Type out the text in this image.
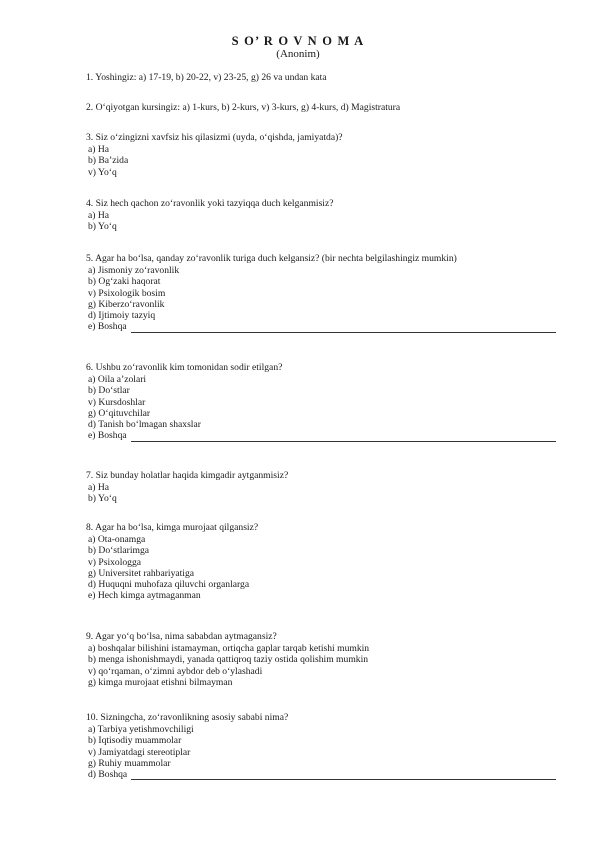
S O’ R O V N O M A
(Anonim)
1. Yoshingiz: a) 17-19, b) 20-22, v) 23-25, g) 26 va undan kata
2. O‘qiyotgan kursingiz: a) 1-kurs, b) 2-kurs, v) 3-kurs, g) 4-kurs, d) Magistratura
3. Siz o‘zingizni xavfsiz his qilasizmi (uyda, o‘qishda, jamiyatda)?
a) Ha
b) Ba’zida
v) Yo‘q
4. Siz hech qachon zo‘ravonlik yoki tazyiqqa duch kelganmisiz?
a) Ha
b) Yo‘q
5. Agar ha bo‘lsa, qanday zo‘ravonlik turiga duch kelgansiz? (bir nechta belgilashingiz mumkin)
a) Jismoniy zo‘ravonlik
b) Og‘zaki haqorat
v) Psixologik bosim
g) Kiberzo‘ravonlik
d) Ijtimoiy tazyiq
e) Boshqa
6. Ushbu zo‘ravonlik kim tomonidan sodir etilgan?
a) Oila a’zolari
b) Do‘stlar
v) Kursdoshlar
g) O‘qituvchilar
d) Tanish bo‘lmagan shaxslar
e) Boshqa
7. Siz bunday holatlar haqida kimgadir aytganmisiz?
a) Ha
b) Yo‘q
8. Agar ha bo‘lsa, kimga murojaat qilgansiz?
a) Ota-onamga
b) Do‘stlarimga
v) Psixologga
g) Universitet rahbariyatiga
d) Huquqni muhofaza qiluvchi organlarga
e) Hech kimga aytmaganman
9. Agar yo‘q bo‘lsa, nima sababdan aytmagansiz?
a) boshqalar bilishini istamayman, ortiqcha gaplar tarqab ketishi mumkin
b) menga ishonishmaydi, yanada qattiqroq taziy ostida qolishim mumkin
v) qo‘rqaman, o‘zimni aybdor deb o‘ylashadi
g) kimga murojaat etishni bilmayman
10. Sizningcha, zo‘ravonlikning asosiy sababi nima?
a) Tarbiya yetishmovchiligi
b) Iqtisodiy muammolar
v) Jamiyatdagi stereotiplar
g) Ruhiy muammolar
d) Boshqa
